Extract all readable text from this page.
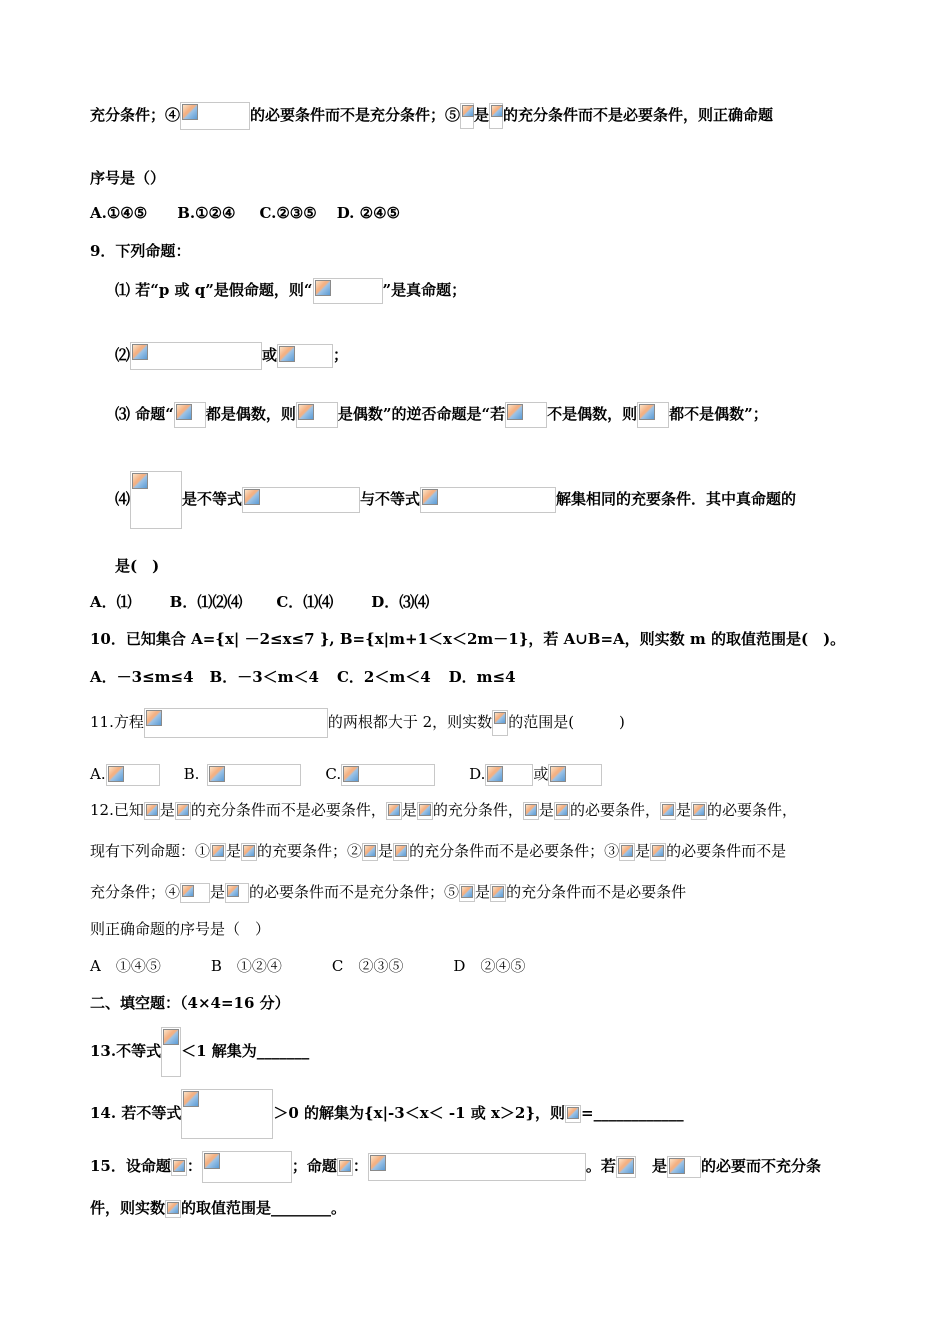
充分条件；④	的必要条件而不是充分条件；⑤ 是 的充分条件而不是必要条件，则正确命题
序号是（）
A.①④⑤ B.①②④ C.②③⑤ D. ②④⑤
9．下列命题：
⑴ 若“p 或 q”是假命题，则“	”是真命题；
⑵	或	；
⑶ 命题“ 都是偶数，则	是偶数”的逆否命题是“若	不是偶数，则 都不是偶数”；
⑷	是不等式	与不等式	解集相同的充要条件．其中真命题的
是(　)
A．⑴	B．⑴⑵⑷ C．⑴⑷	D．⑶⑷
10．已知集合 A={x| －2≤x≤7 }, B={x|m+1＜x＜2m－1}，若 A∪B=A，则实数 m 的取值范围是(　)。
A．－3≤m≤4 B．－3＜m＜4 C．2＜m＜4 D．m≤4
11.方程	的两根都大于 2，则实数 的范围是(　　　)
A.	B.	C.	D.	或
12.已知 是 的充分条件而不是必要条件， 是 的充分条件， 是 的必要条件， 是 的必要条件，
现有下列命题：① 是 的充要条件；② 是 的充分条件而不是必要条件；③ 是 的必要条件而不是
充分条件；④ 是 的必要条件而不是充分条件；⑤ 是 的充分条件而不是必要条件
则正确命题的序号是（　）
A　①④⑤	B　①②④	C　②③⑤	D　②④⑤
二、填空题：（4×4=16 分）
13.不等式 ＜1 解集为_______
14. 若不等式	＞0 的解集为{x|-3＜x＜ -1 或 x＞2}，则 =____________
15．设命题 ：	；命题 ：	。若 是 的必要而不充分条
件，则实数 的取值范围是________。
